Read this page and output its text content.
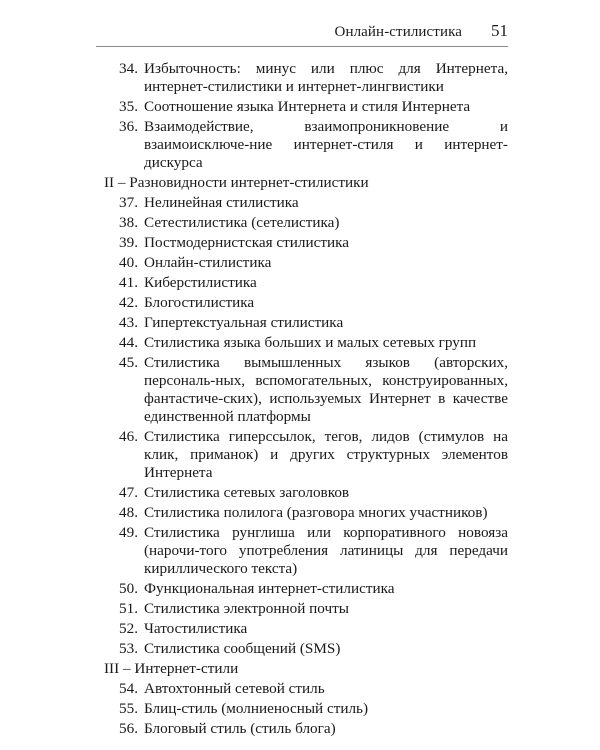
Онлайн-стилистика 51
34. Избыточность: минус или плюс для Интернета, интернет-стилистики и интернет-лингвистики
35. Соотношение языка Интернета и стиля Интернета
36. Взаимодействие, взаимопроникновение и взаимоисключе-ние интернет-стиля и интернет-дискурса
II – Разновидности интернет-стилистики
37. Нелинейная стилистика
38. Сетестилистика (сетелистика)
39. Постмодернистская стилистика
40. Онлайн-стилистика
41. Киберстилистика
42. Блогостилистика
43. Гипертекстуальная стилистика
44. Стилистика языка больших и малых сетевых групп
45. Стилистика вымышленных языков (авторских, персональ-ных, вспомогательных, конструированных, фантастиче-ских), используемых Интернет в качестве единственной платформы
46. Стилистика гиперссылок, тегов, лидов (стимулов на клик, приманок) и других структурных элементов Интернета
47. Стилистика сетевых заголовков
48. Стилистика полилога (разговора многих участников)
49. Стилистика рунглиша или корпоративного новояза (нарочи-того употребления латиницы для передачи кириллического текста)
50. Функциональная интернет-стилистика
51. Стилистика электронной почты
52. Чатостилистика
53. Стилистика сообщений (SMS)
III – Интернет-стили
54. Автохтонный сетевой стиль
55. Блиц-стиль (молниеносный стиль)
56. Блоговый стиль (стиль блога)
